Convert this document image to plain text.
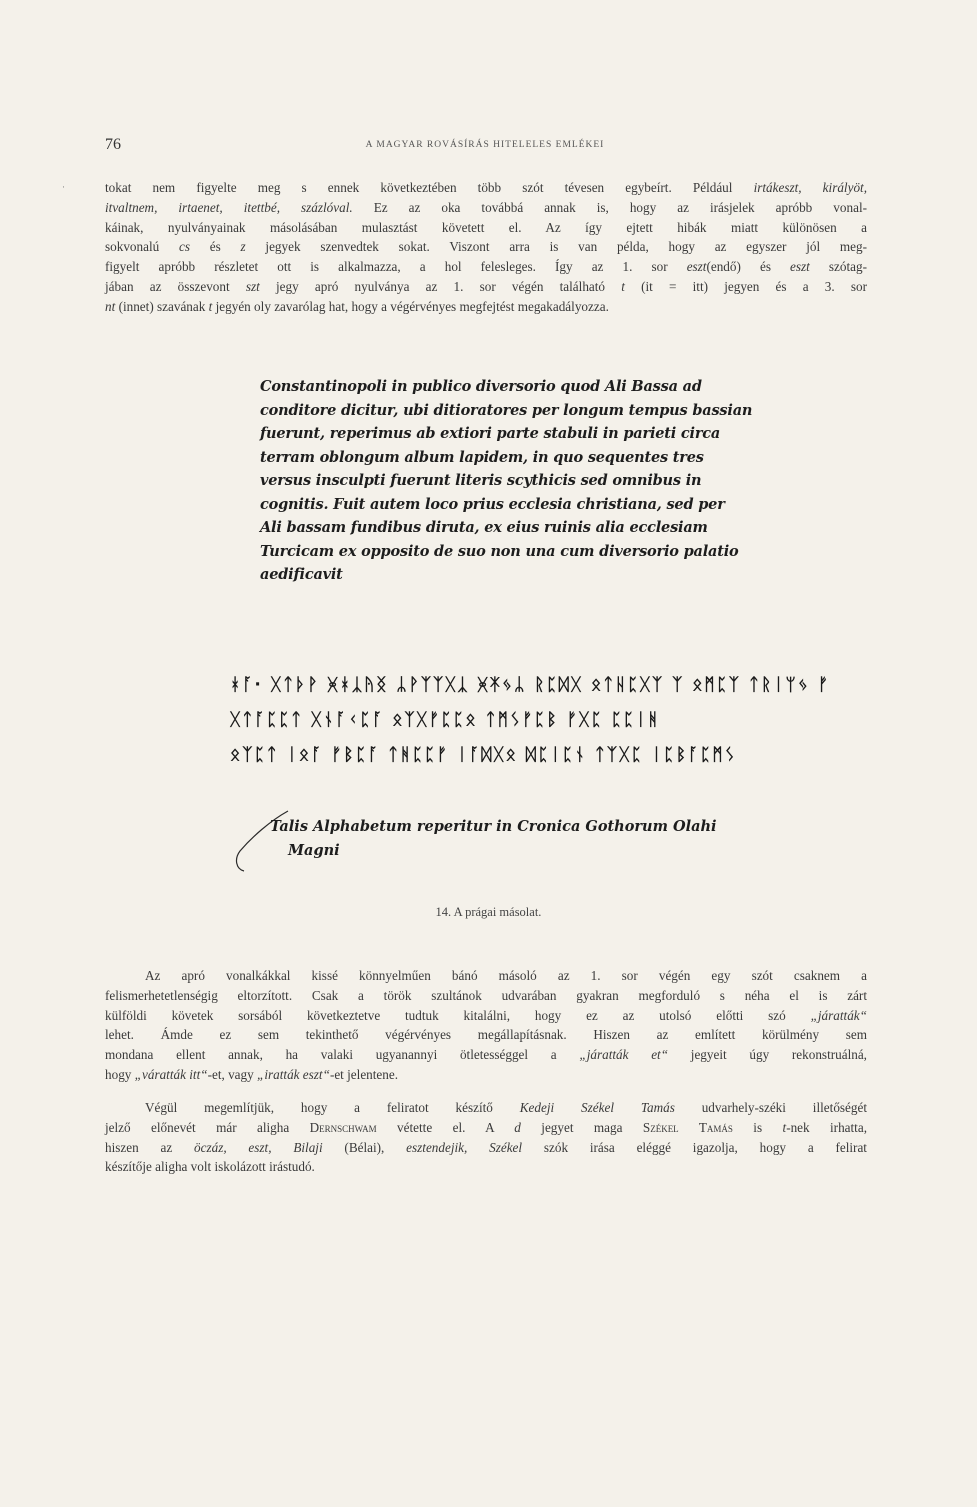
76	A MAGYAR ROVÁSÍRÁS HITELELES EMLÉKEI
·	tokat nem figyelte meg s ennek következtében több szót tévesen egybeírt. Például irtákeszt, királyöt,
itvaltnem, irtaenet, itettbé, százlóval. Ez az oka továbbá annak is, hogy az irásjelek apróbb vonal-
káinak, nyulványainak másolásában mulasztást követett el. Az így ejtett hibák miatt különösen a
sokvonalú cs és z jegyek szenvedtek sokat. Viszont arra is van példa, hogy az egyszer jól meg-
figyelt apróbb részletet ott is alkalmazza, a hol felesleges. Így az 1. sor eszt(endő) és eszt szótag-
jában az összevont szt jegy apró nyulványa az 1. sor végén található t (it = itt) jegyen és a 3. sor
nt (innet) szavának t jegyén oly zavarólag hat, hogy a végérvényes megfejtést megakadályozza.
Constantinopoli in publico diversorio quod Ali Bassa ad
conditore dicitur, ubi ditioratores per longum tempus bassian
fuerunt, reperimus ab extiori parte stabuli in parieti circa
terram oblongum album lapidem, in quo sequentes tres
versus insculpti fuerunt literis scythicis sed omnibus in
cognitis. Fuit autem loco prius ecclesia christiana, sed per
Ali bassam fundibus diruta, ex eius ruinis alia ecclesiam
Turcicam ex opposito de suo non una cum diversorio palatio
aedificavit
ᚼᚪ· ᚷᛏᚦᚹ ᚸᚼᛣᚤᛝ ᛦᚹᛉᛉᚷᛣ ᚸᛡᛃᛦ ᚱᛈᛞᚷ ᛟᛏᚺᛈᚷᛉ ᛉ ᛟᛗᛈᛉ ᛏᚱᛁᛘᛃ ᚠ
ᚷᛏᚪᛈᛈᛏ ᚷᚾᚪᚲᛈᚪ ᛟᛉᚷᚠᛈᛈᛟ ᛏᛗᛊᚠᛈᛒ ᚠᚷᛈ ᛈᛈᛁᚻ
ᛟᛉᛈᛏ ᛁᛟᚪ ᚠᛒᛈᚪ ᛏᚻᛈᛈᚠ ᛁᚪᛞᚷᛟ ᛞᛈᛁᛈᚾ ᛏᛉᚷᛈ ᛁᛈᛒᚪᛈᛗᛊ
Talis Alphabetum reperitur in Cronica Gothorum Olahi
Magni
14. A prágai másolat.
Az apró vonalkákkal kissé könnyelműen bánó másoló az 1. sor végén egy szót csaknem a
felismerhetetlenségig eltorzított. Csak a török szultánok udvarában gyakran megforduló s néha el is zárt
külföldi követek sorsából következtetve tudtuk kitalálni, hogy ez az utolsó előtti szó „járatták“
lehet. Ámde ez sem tekinthető végérvényes megállapításnak. Hiszen az említett körülmény sem
mondana ellent annak, ha valaki ugyanannyi ötletességgel a „járatták et“ jegyeit úgy rekonstruálná,
hogy „váratták itt“-et, vagy „iratták eszt“-et jelentene.
Végül megemlítjük, hogy a feliratot készítő Kedeji Székel Tamás udvarhely-széki illetőségét
jelző előnevét már aligha Dernschwam vétette el. A d jegyet maga Székel Tamás is t-nek irhatta,
hiszen az öczáz, eszt, Bilaji (Bélai), esztendejik, Székel szók irása eléggé igazolja, hogy a felirat
készítője aligha volt iskolázott irástudó.
